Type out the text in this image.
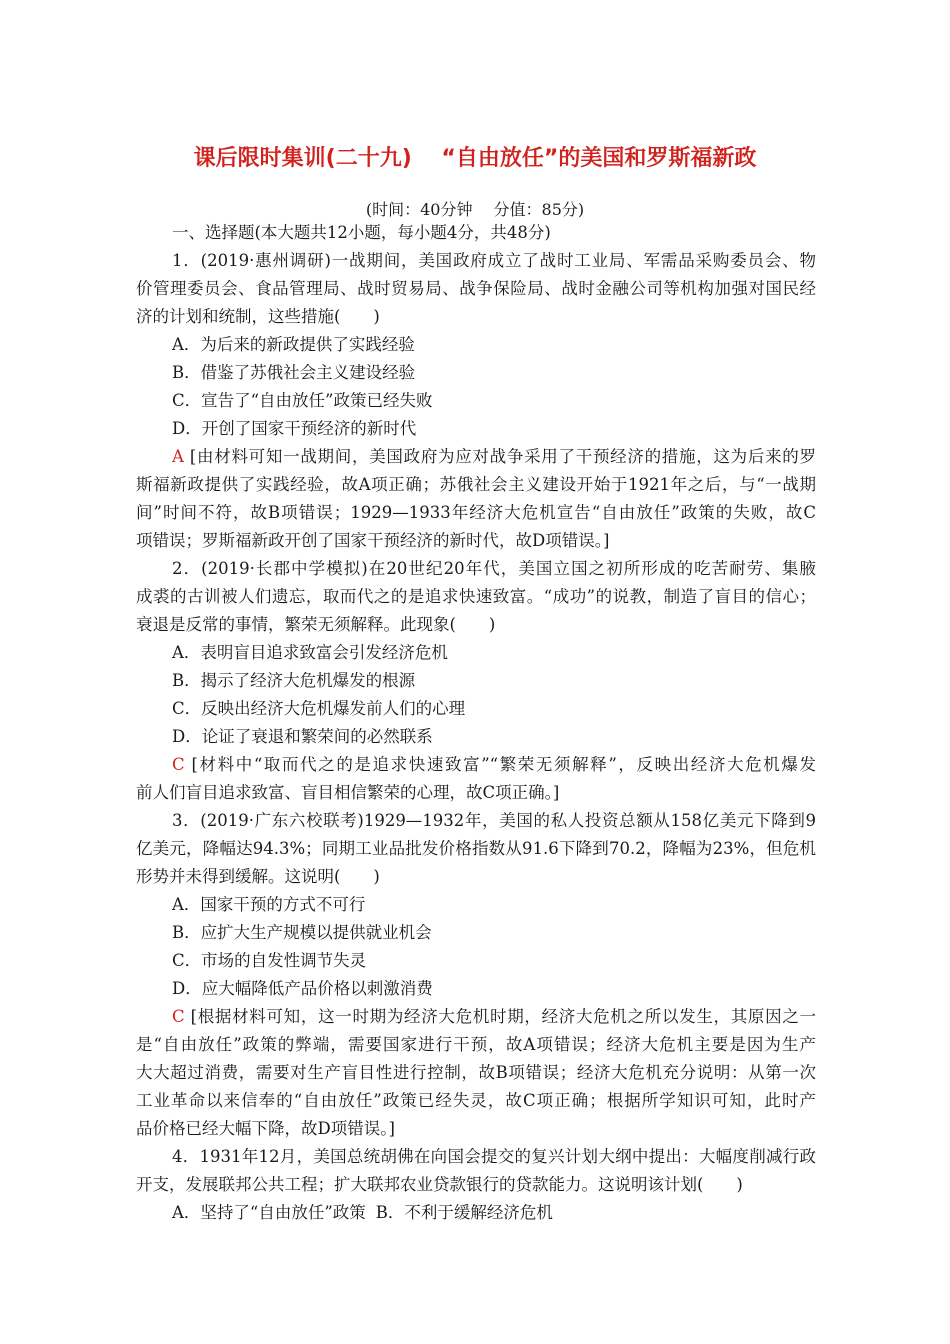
课后限时集训(二十九)　 “自由放任”的美国和罗斯福新政
(时间：40分钟　 分值：85分)
一、选择题(本大题共12小题，每小题4分，共48分)
1．(2019·惠州调研)一战期间，美国政府成立了战时工业局、军需品采购委员会、物
价管理委员会、食品管理局、战时贸易局、战争保险局、战时金融公司等机构加强对国民经
济的计划和统制，这些措施(　　)
A．为后来的新政提供了实践经验
B．借鉴了苏俄社会主义建设经验
C．宣告了“自由放任”政策已经失败
D．开创了国家干预经济的新时代
A [由材料可知一战期间，美国政府为应对战争采用了干预经济的措施，这为后来的罗
斯福新政提供了实践经验，故A项正确；苏俄社会主义建设开始于1921年之后，与“一战期
间”时间不符，故B项错误；1929—1933年经济大危机宣告“自由放任”政策的失败，故C
项错误；罗斯福新政开创了国家干预经济的新时代，故D项错误。]
2．(2019·长郡中学模拟)在20世纪20年代，美国立国之初所形成的吃苦耐劳、集腋
成裘的古训被人们遗忘，取而代之的是追求快速致富。“成功”的说教，制造了盲目的信心；
衰退是反常的事情，繁荣无须解释。此现象(　　)
A．表明盲目追求致富会引发经济危机
B．揭示了经济大危机爆发的根源
C．反映出经济大危机爆发前人们的心理
D．论证了衰退和繁荣间的必然联系
C [材料中“取而代之的是追求快速致富”“繁荣无须解释”，反映出经济大危机爆发
前人们盲目追求致富、盲目相信繁荣的心理，故C项正确。]
3．(2019·广东六校联考)1929—1932年，美国的私人投资总额从158亿美元下降到9
亿美元，降幅达94.3%；同期工业品批发价格指数从91.6下降到70.2，降幅为23%，但危机
形势并未得到缓解。这说明(　　)
A．国家干预的方式不可行
B．应扩大生产规模以提供就业机会
C．市场的自发性调节失灵
D．应大幅降低产品价格以刺激消费
C [根据材料可知，这一时期为经济大危机时期，经济大危机之所以发生，其原因之一
是“自由放任”政策的弊端，需要国家进行干预，故A项错误；经济大危机主要是因为生产
大大超过消费，需要对生产盲目性进行控制，故B项错误；经济大危机充分说明：从第一次
工业革命以来信奉的“自由放任”政策已经失灵，故C项正确；根据所学知识可知，此时产
品价格已经大幅下降，故D项错误。]
4．1931年12月，美国总统胡佛在向国会提交的复兴计划大纲中提出：大幅度削减行政
开支，发展联邦公共工程；扩大联邦农业贷款银行的贷款能力。这说明该计划(　　)
A．坚持了“自由放任”政策 B．不利于缓解经济危机
